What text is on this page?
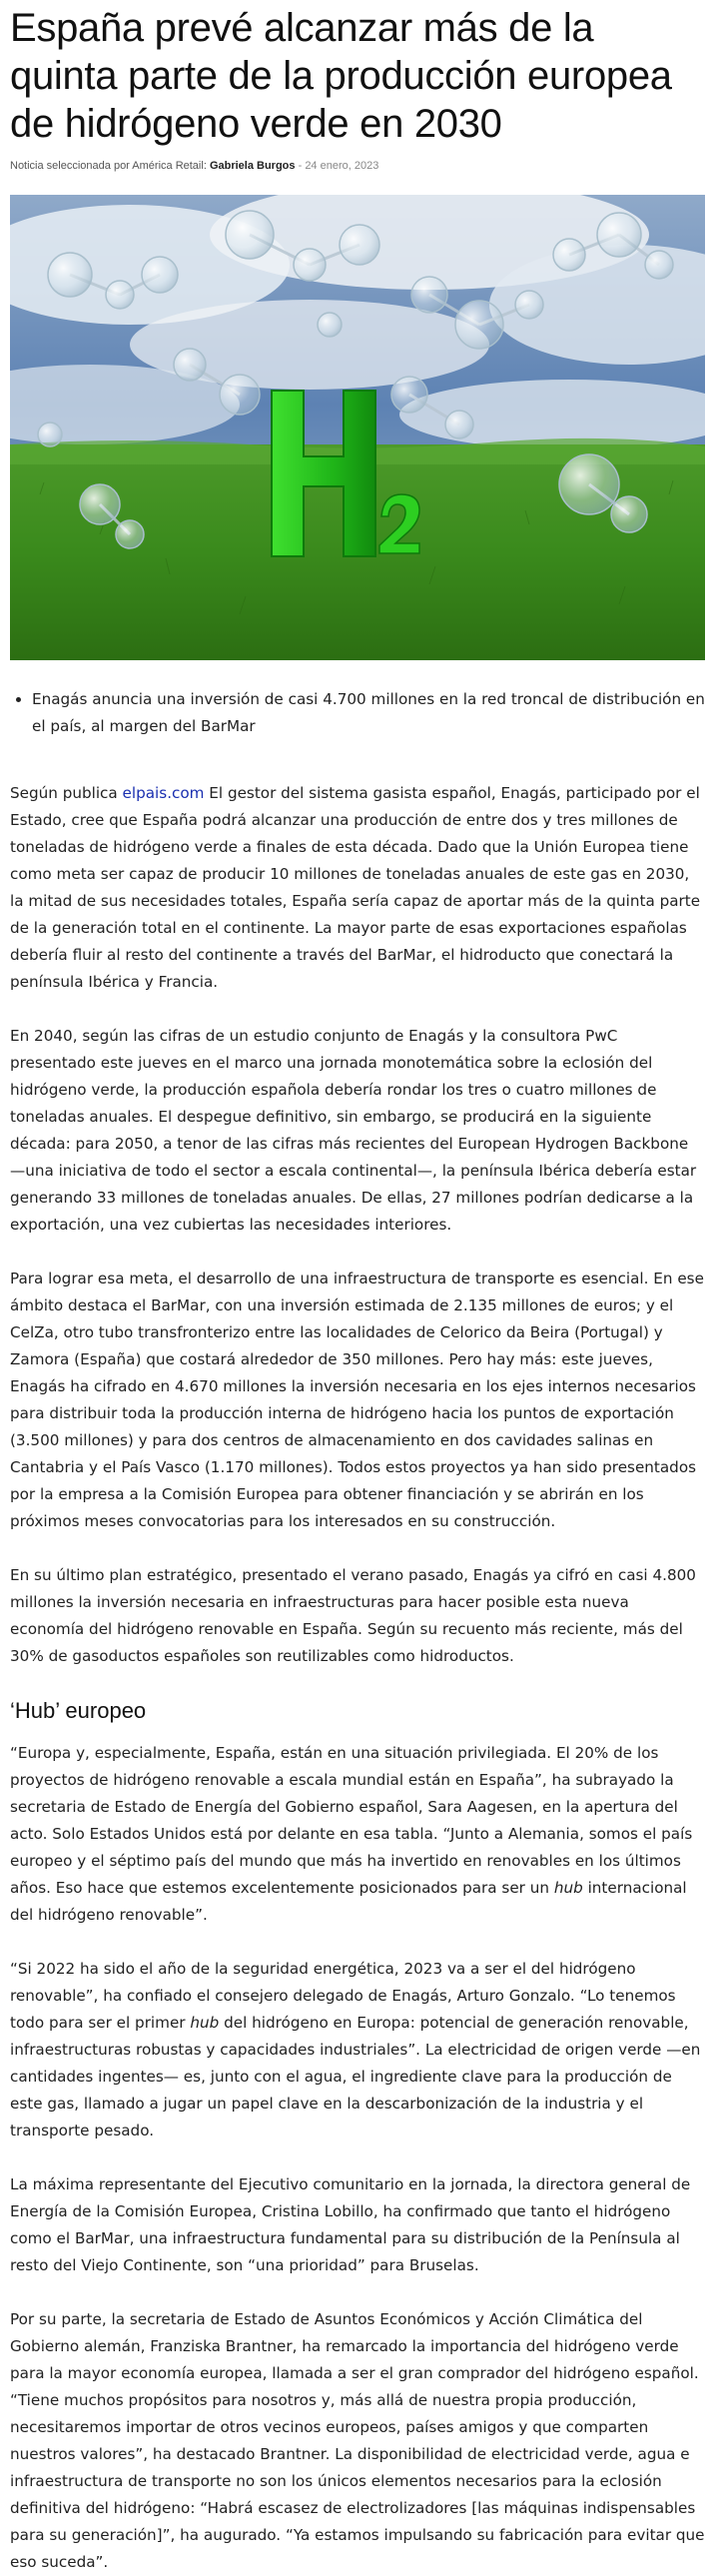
España prevé alcanzar más de la quinta parte de la producción europea de hidrógeno verde en 2030
Noticia seleccionada por América Retail: Gabriela Burgos - 24 enero, 2023
• Enagás anuncia una inversión de casi 4.700 millones en la red troncal de distribución en el país, al margen del BarMar

Según publica elpais.com El gestor del sistema gasista español, Enagás, participado por el Estado, cree que España podrá alcanzar una producción de entre dos y tres millones de toneladas de hidrógeno verde a finales de esta década. Dado que la Unión Europea tiene como meta ser capaz de producir 10 millones de toneladas anuales de este gas en 2030, la mitad de sus necesidades totales, España sería capaz de aportar más de la quinta parte de la generación total en el continente. La mayor parte de esas exportaciones españolas debería fluir al resto del continente a través del BarMar, el hidroducto que conectará la península Ibérica y Francia.

En 2040, según las cifras de un estudio conjunto de Enagás y la consultora PwC presentado este jueves en el marco una jornada monotemática sobre la eclosión del hidrógeno verde, la producción española debería rondar los tres o cuatro millones de toneladas anuales. El despegue definitivo, sin embargo, se producirá en la siguiente década: para 2050, a tenor de las cifras más recientes del European Hydrogen Backbone —una iniciativa de todo el sector a escala continental—, la península Ibérica debería estar generando 33 millones de toneladas anuales. De ellas, 27 millones podrían dedicarse a la exportación, una vez cubiertas las necesidades interiores.

Para lograr esa meta, el desarrollo de una infraestructura de transporte es esencial. En ese ámbito destaca el BarMar, con una inversión estimada de 2.135 millones de euros; y el CelZa, otro tubo transfronterizo entre las localidades de Celorico da Beira (Portugal) y Zamora (España) que costará alrededor de 350 millones. Pero hay más: este jueves, Enagás ha cifrado en 4.670 millones la inversión necesaria en los ejes internos necesarios para distribuir toda la producción interna de hidrógeno hacia los puntos de exportación (3.500 millones) y para dos centros de almacenamiento en dos cavidades salinas en Cantabria y el País Vasco (1.170 millones). Todos estos proyectos ya han sido presentados por la empresa a la Comisión Europea para obtener financiación y se abrirán en los próximos meses convocatorias para los interesados en su construcción.

En su último plan estratégico, presentado el verano pasado, Enagás ya cifró en casi 4.800 millones la inversión necesaria en infraestructuras para hacer posible esta nueva economía del hidrógeno renovable en España. Según su recuento más reciente, más del 30% de gasoductos españoles son reutilizables como hidroductos.

‘Hub’ europeo

“Europa y, especialmente, España, están en una situación privilegiada. El 20% de los proyectos de hidrógeno renovable a escala mundial están en España”, ha subrayado la secretaria de Estado de Energía del Gobierno español, Sara Aagesen, en la apertura del acto. Solo Estados Unidos está por delante en esa tabla. “Junto a Alemania, somos el país europeo y el séptimo país del mundo que más ha invertido en renovables en los últimos años. Eso hace que estemos excelentemente posicionados para ser un hub internacional del hidrógeno renovable”.

“Si 2022 ha sido el año de la seguridad energética, 2023 va a ser el del hidrógeno renovable”, ha confiado el consejero delegado de Enagás, Arturo Gonzalo. “Lo tenemos todo para ser el primer hub del hidrógeno en Europa: potencial de generación renovable, infraestructuras robustas y capacidades industriales”. La electricidad de origen verde —en cantidades ingentes— es, junto con el agua, el ingrediente clave para la producción de este gas, llamado a jugar un papel clave en la descarbonización de la industria y el transporte pesado.

La máxima representante del Ejecutivo comunitario en la jornada, la directora general de Energía de la Comisión Europea, Cristina Lobillo, ha confirmado que tanto el hidrógeno como el BarMar, una infraestructura fundamental para su distribución de la Península al resto del Viejo Continente, son “una prioridad” para Bruselas.

Por su parte, la secretaria de Estado de Asuntos Económicos y Acción Climática del Gobierno alemán, Franziska Brantner, ha remarcado la importancia del hidrógeno verde para la mayor economía europea, llamada a ser el gran comprador del hidrógeno español. “Tiene muchos propósitos para nosotros y, más allá de nuestra propia producción, necesitaremos importar de otros vecinos europeos, países amigos y que comparten nuestros valores”, ha destacado Brantner. La disponibilidad de electricidad verde, agua e infraestructura de transporte no son los únicos elementos necesarios para la eclosión definitiva del hidrógeno: “Habrá escasez de electrolizadores [las máquinas indispensables para su generación]”, ha augurado. “Ya estamos impulsando su fabricación para evitar que eso suceda”.
